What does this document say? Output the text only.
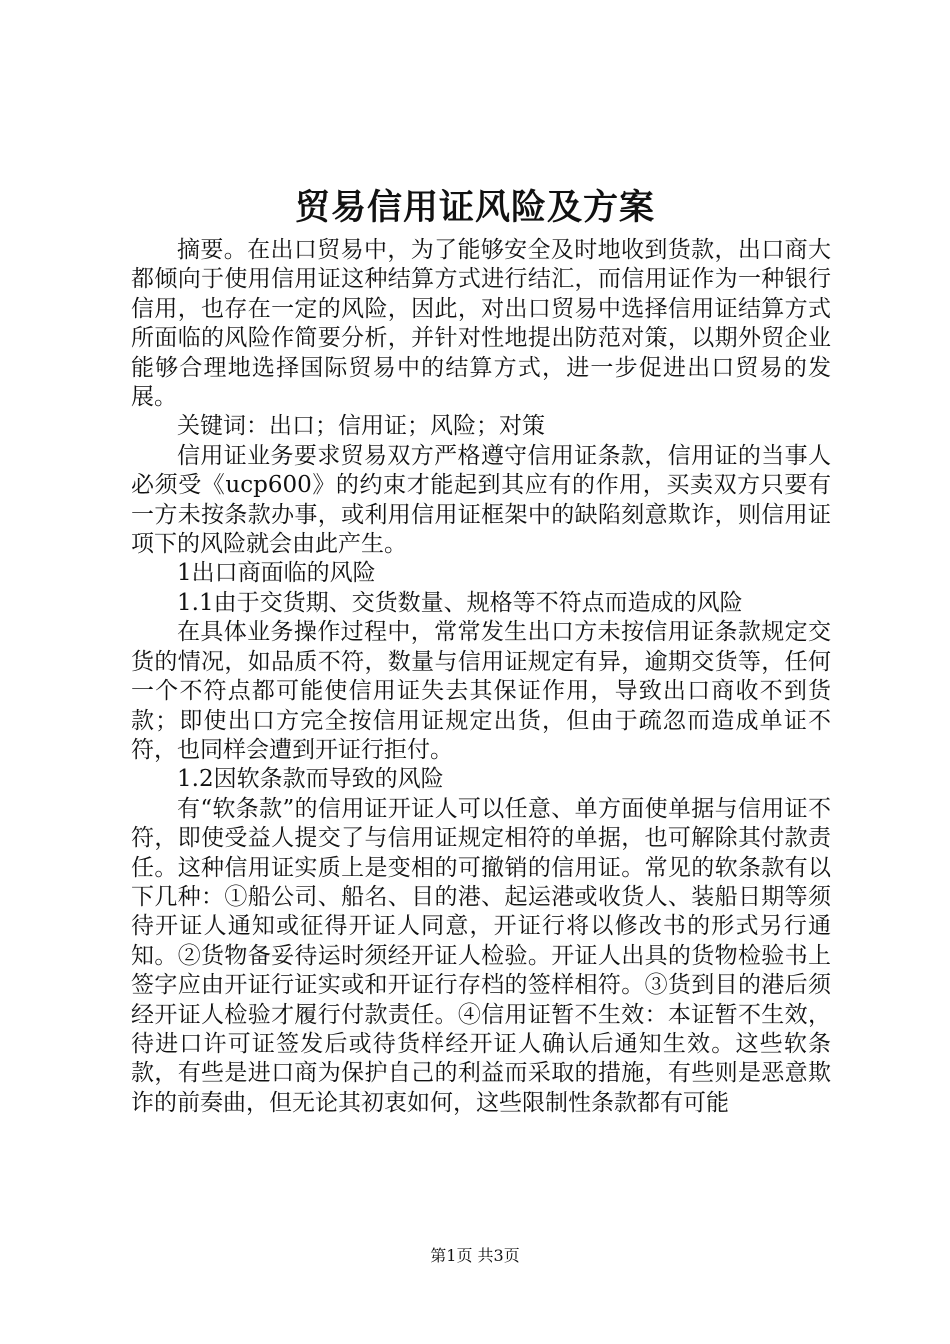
贸易信用证风险及方案

摘要。在出口贸易中，为了能够安全及时地收到货款，出口商大都倾向于使用信用证这种结算方式进行结汇，而信用证作为一种银行信用，也存在一定的风险，因此，对出口贸易中选择信用证结算方式所面临的风险作简要分析，并针对性地提出防范对策，以期外贸企业能够合理地选择国际贸易中的结算方式，进一步促进出口贸易的发展。

关键词：出口；信用证；风险；对策

信用证业务要求贸易双方严格遵守信用证条款，信用证的当事人必须受《ucp600》的约束才能起到其应有的作用，买卖双方只要有一方未按条款办事，或利用信用证框架中的缺陷刻意欺诈，则信用证项下的风险就会由此产生。

1出口商面临的风险

1.1由于交货期、交货数量、规格等不符点而造成的风险

在具体业务操作过程中，常常发生出口方未按信用证条款规定交货的情况，如品质不符，数量与信用证规定有异，逾期交货等，任何一个不符点都可能使信用证失去其保证作用，导致出口商收不到货款；即使出口方完全按信用证规定出货，但由于疏忽而造成单证不符，也同样会遭到开证行拒付。

1.2因软条款而导致的风险

有“软条款”的信用证开证人可以任意、单方面使单据与信用证不符，即使受益人提交了与信用证规定相符的单据，也可解除其付款责任。这种信用证实质上是变相的可撤销的信用证。常见的软条款有以下几种：①船公司、船名、目的港、起运港或收货人、装船日期等须待开证人通知或征得开证人同意，开证行将以修改书的形式另行通知。②货物备妥待运时须经开证人检验。开证人出具的货物检验书上签字应由开证行证实或和开证行存档的签样相符。③货到目的港后须经开证人检验才履行付款责任。④信用证暂不生效：本证暂不生效，待进口许可证签发后或待货样经开证人确认后通知生效。这些软条款，有些是进口商为保护自己的利益而采取的措施，有些则是恶意欺诈的前奏曲，但无论其初衷如何，这些限制性条款都有可能

第1页 共3页
